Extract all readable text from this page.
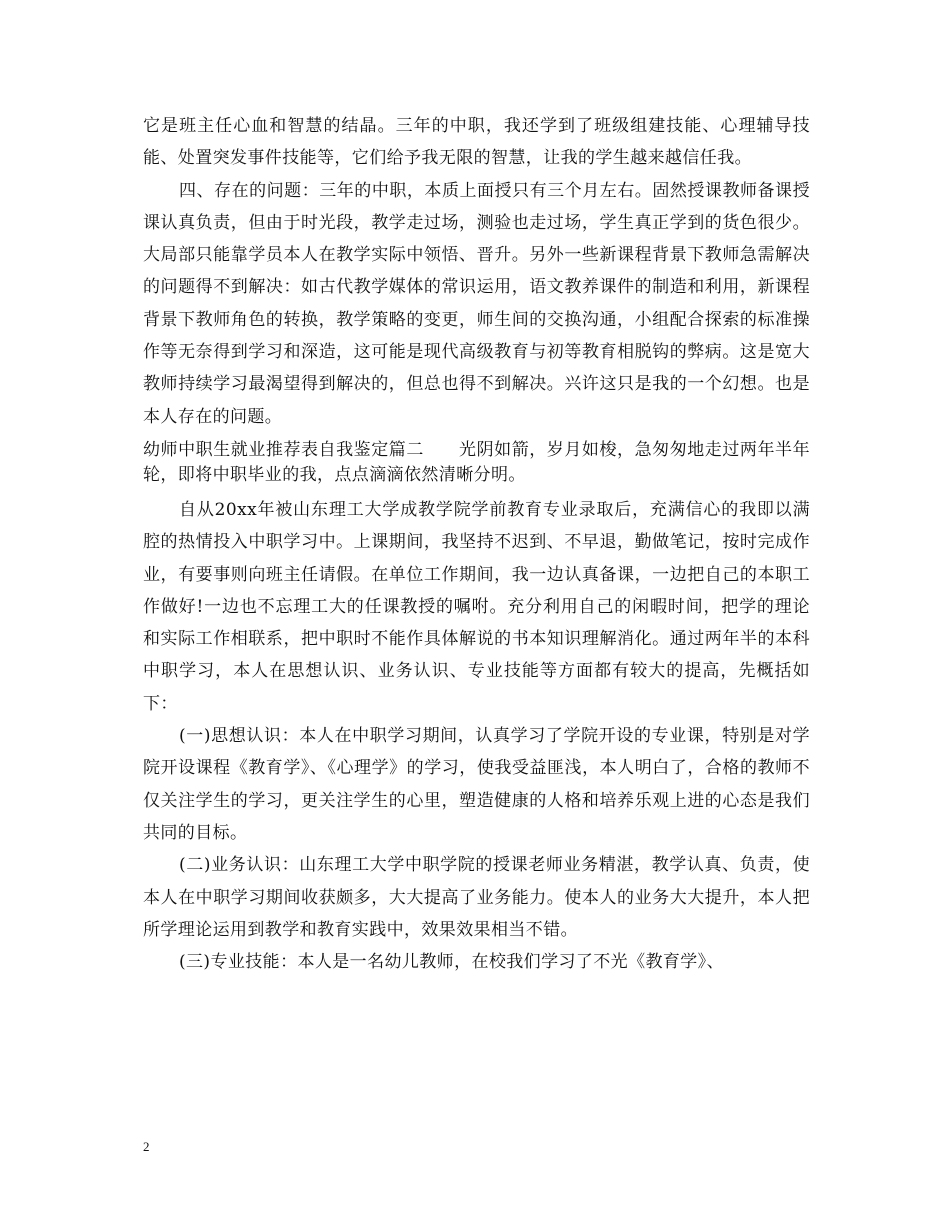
它是班主任心血和智慧的结晶。三年的中职，我还学到了班级组建技能、心理辅导技能、处置突发事件技能等，它们给予我无限的智慧，让我的学生越来越信任我。

四、存在的问题：三年的中职，本质上面授只有三个月左右。固然授课教师备课授课认真负责，但由于时光段，教学走过场，测验也走过场，学生真正学到的货色很少。大局部只能靠学员本人在教学实际中领悟、晋升。另外一些新课程背景下教师急需解决的问题得不到解决：如古代教学媒体的常识运用，语文教养课件的制造和利用，新课程背景下教师角色的转换，教学策略的变更，师生间的交换沟通，小组配合探索的标准操作等无奈得到学习和深造，这可能是现代高级教育与初等教育相脱钩的弊病。这是宽大教师持续学习最渴望得到解决的，但总也得不到解决。兴许这只是我的一个幻想。也是本人存在的问题。

幼师中职生就业推荐表自我鉴定篇二　　光阴如箭，岁月如梭，急匆匆地走过两年半年轮，即将中职毕业的我，点点滴滴依然清晰分明。

自从20xx年被山东理工大学成教学院学前教育专业录取后，充满信心的我即以满腔的热情投入中职学习中。上课期间，我坚持不迟到、不早退，勤做笔记，按时完成作业，有要事则向班主任请假。在单位工作期间，我一边认真备课，一边把自己的本职工作做好!一边也不忘理工大的任课教授的嘱咐。充分利用自己的闲暇时间，把学的理论和实际工作相联系，把中职时不能作具体解说的书本知识理解消化。通过两年半的本科中职学习，本人在思想认识、业务认识、专业技能等方面都有较大的提高，先概括如下：

(一)思想认识：本人在中职学习期间，认真学习了学院开设的专业课，特别是对学院开设课程《教育学》、《心理学》的学习，使我受益匪浅，本人明白了，合格的教师不仅关注学生的学习，更关注学生的心里，塑造健康的人格和培养乐观上进的心态是我们共同的目标。

(二)业务认识：山东理工大学中职学院的授课老师业务精湛，教学认真、负责，使本人在中职学习期间收获颇多，大大提高了业务能力。使本人的业务大大提升，本人把所学理论运用到教学和教育实践中，效果效果相当不错。

(三)专业技能：本人是一名幼儿教师，在校我们学习了不光《教育学》、

2
